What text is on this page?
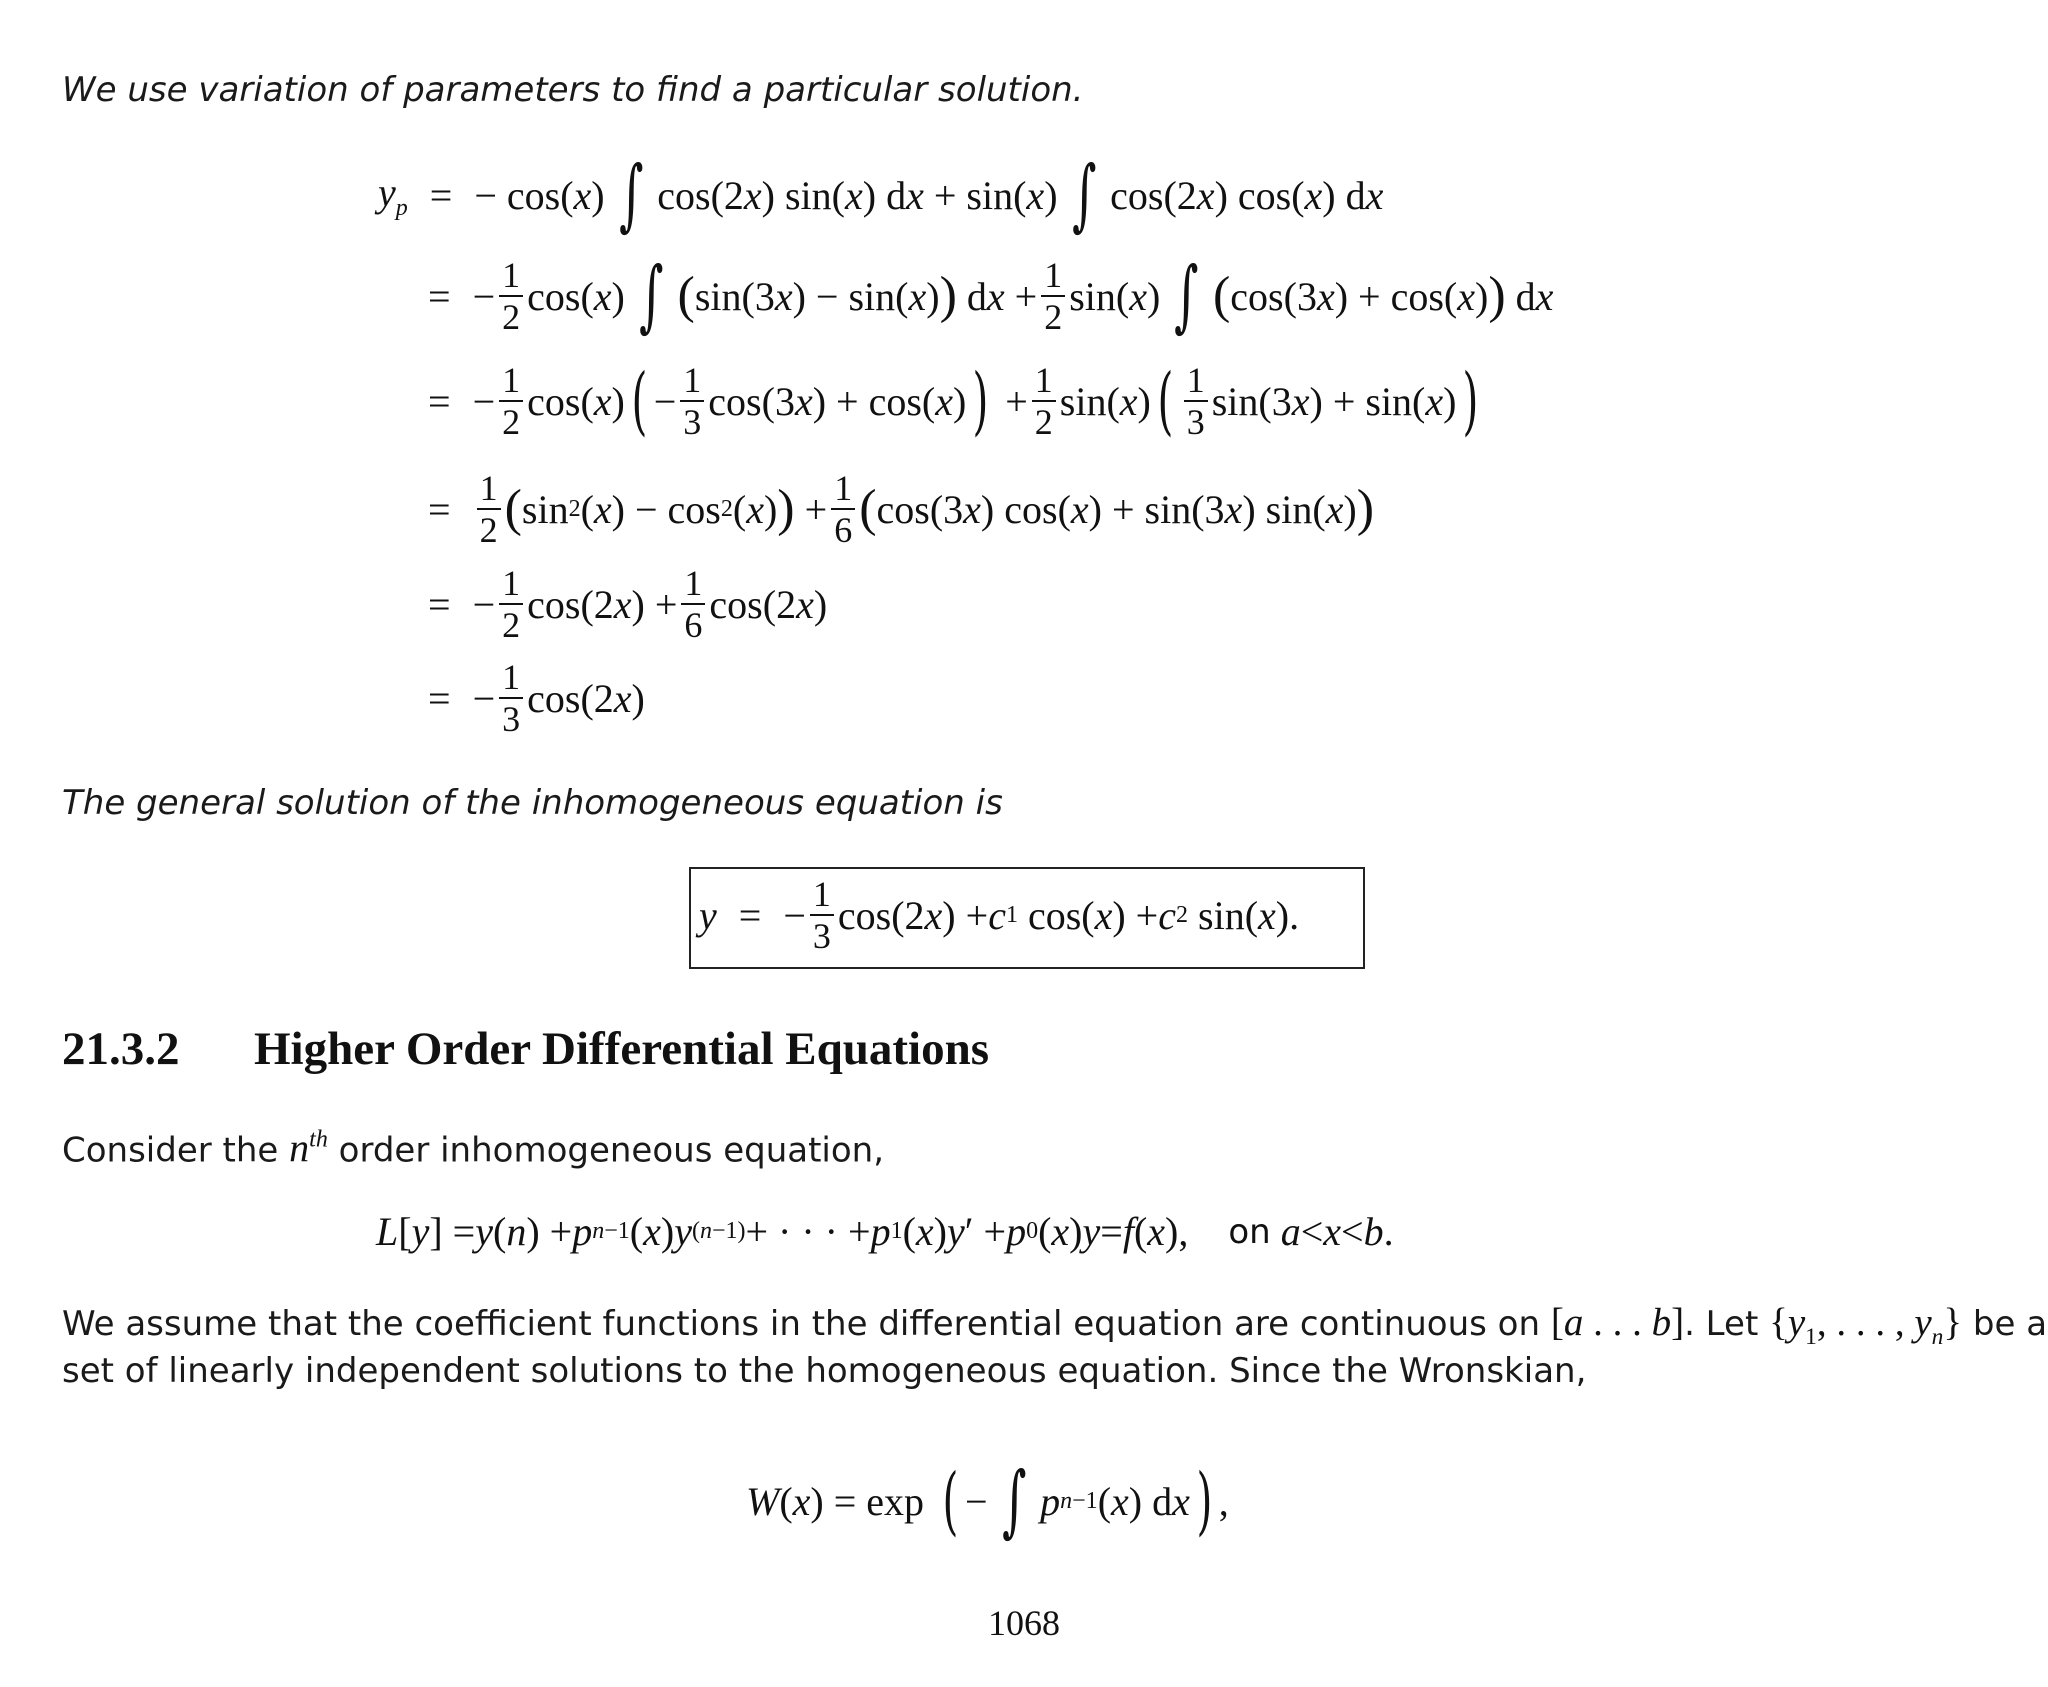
We use variation of parameters to find a particular solution.
$y_p$ = − cos( x ) ∫ cos(2 x ) sin( x ) d x + sin( x ) ∫ cos(2 x ) cos( x ) d x
= − $\frac{1}{2} \cos$( x ) ∫ ( sin(3 x ) − sin( x ) ) d $x + \frac{1}{2} \sin$( x ) ∫ ( cos(3 x ) + cos( x ) ) d x
= − $\frac{1}{2} \cos$( x ) ( − $\frac{1}{3} \cos(3$ x ) + cos( x ) ) + $\frac{1}{2} \sin$( x ) ( $\frac{1}{3} \sin(3$ x ) + sin( x ) )
= $\frac{1}{2}$ ( sin 2 ( x ) − cos 2 ( x ) ) + $\frac{1}{6}$ ( cos(3 x ) cos( x ) + sin(3 x ) sin( x ) )
= − $\frac{1}{2} \cos(2$ x ) + $\frac{1}{6} \cos(2$ x )
= − $\frac{1}{3} \cos(2$ x )
The general solution of the inhomogeneous equation is
y = − $\frac{1}{3} \cos(2$ x ) + c 1 cos( x ) + c 2 sin( x ).
21.3.2 Higher Order Differential Equations
Consider the $n^{th}$ order inhomogeneous equation,
L [ y ] = y ( n ) + p n−1 ( x ) y (n−1) + · · · + p 1 ( x ) y ′ + p 0 ( x ) y = f ( x ), on
a < x < b .
We assume that the coefficient functions in the differential equation are continuous on [a . . . b]. Let {$y_1$, . . . , $y_n$} be a
set of linearly independent solutions to the homogeneous equation. Since the Wronskian,
W ( x ) = exp ( − ∫ p n−1 ( x ) d x ) ,
1068
